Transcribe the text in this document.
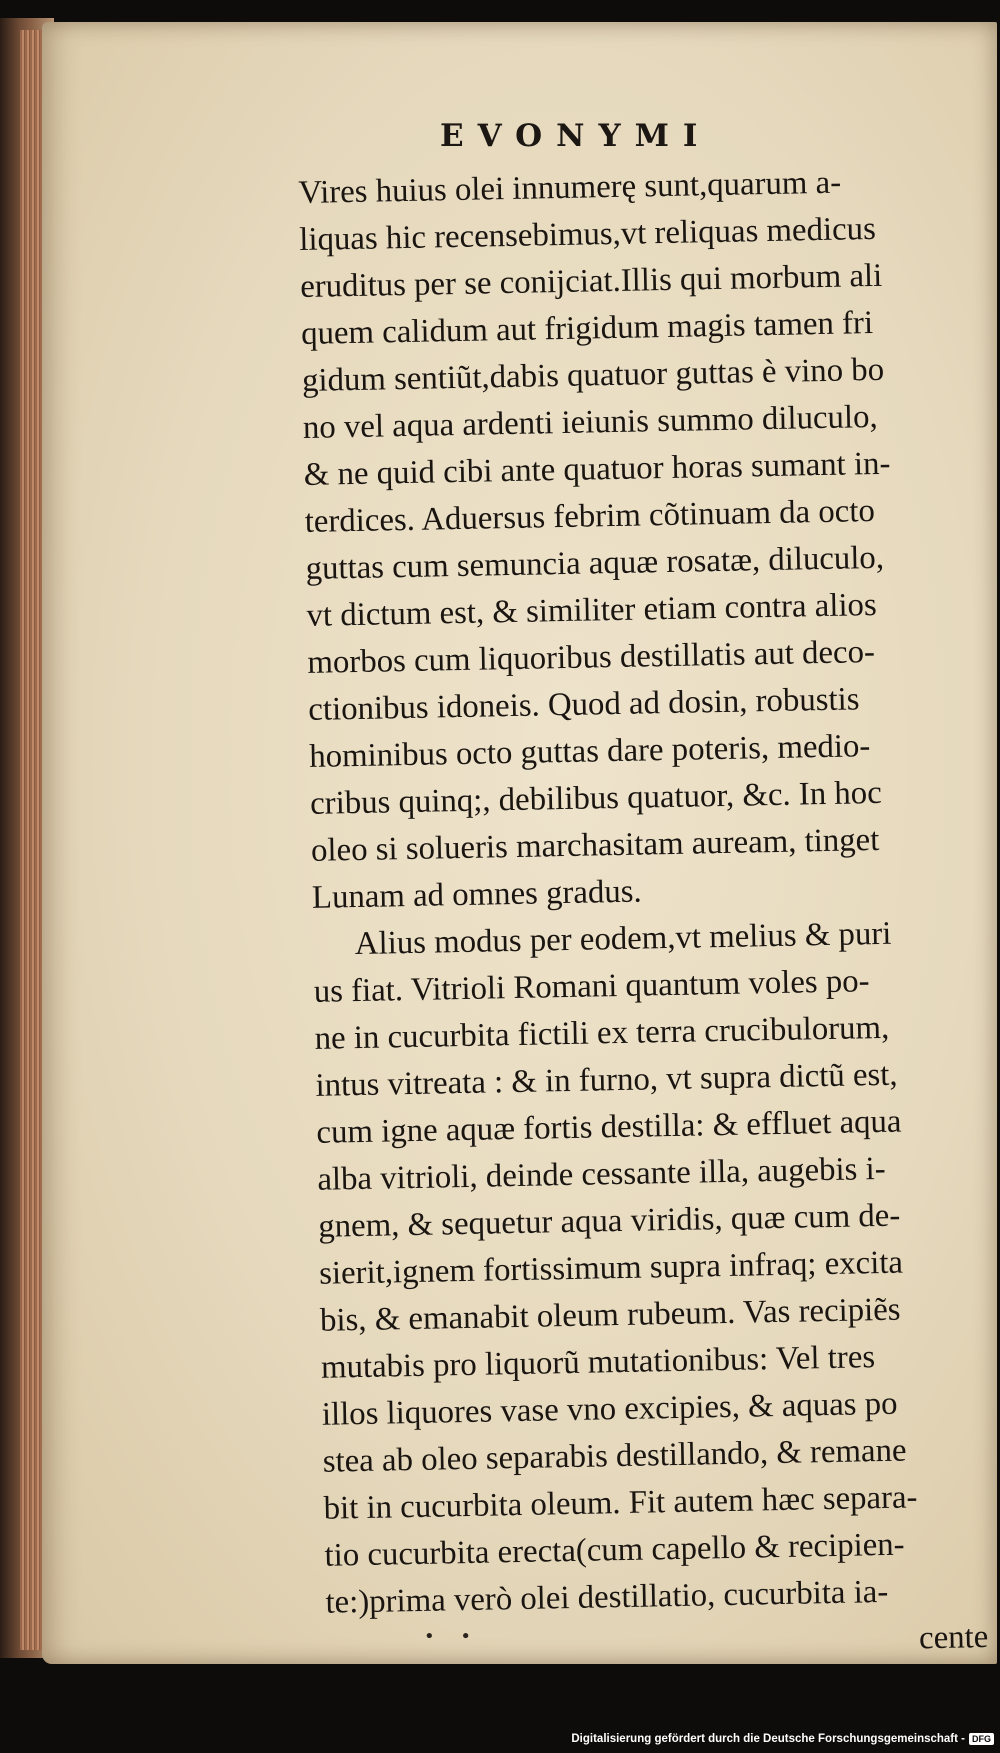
EVONYMI
Vires huius olei innumerę sunt,quarum a-
liquas hic recensebimus,vt reliquas medicus
eruditus per se conijciat.Illis qui morbum ali
quem calidum aut frigidum magis tamen fri
gidum sentiũt,dabis quatuor guttas è vino bo
no vel aqua ardenti ieiunis summo diluculo,
& ne quid cibi ante quatuor horas sumant in-
terdices. Aduersus febrim cõtinuam da octo
guttas cum semuncia aquæ rosatæ, diluculo,
vt dictum est, & similiter etiam contra alios
morbos cum liquoribus destillatis aut deco-
ctionibus idoneis. Quod ad dosin, robustis
hominibus octo guttas dare poteris, medio-
cribus quinq;, debilibus quatuor, &c. In hoc
oleo si solueris marchasitam auream, tinget
Lunam ad omnes gradus.
Alius modus per eodem,vt melius & puri
us fiat. Vitrioli Romani quantum voles po-
ne in cucurbita fictili ex terra crucibulorum,
intus vitreata : & in furno, vt supra dictũ est,
cum igne aquæ fortis destilla: & effluet aqua
alba vitrioli, deinde cessante illa, augebis i-
gnem, & sequetur aqua viridis, quæ cum de-
sierit,ignem fortissimum supra infraq; excita
bis, & emanabit oleum rubeum. Vas recipiẽs
mutabis pro liquorũ mutationibus: Vel tres
illos liquores vase vno excipies, & aquas po
stea ab oleo separabis destillando, & remane
bit in cucurbita oleum. Fit autem hæc separa-
tio cucurbita erecta(cum capello & recipien-
te:)prima verò olei destillatio, cucurbita ia-
cente
• •
Digitalisierung gefördert durch die Deutsche Forschungsgemeinschaft - DFG
